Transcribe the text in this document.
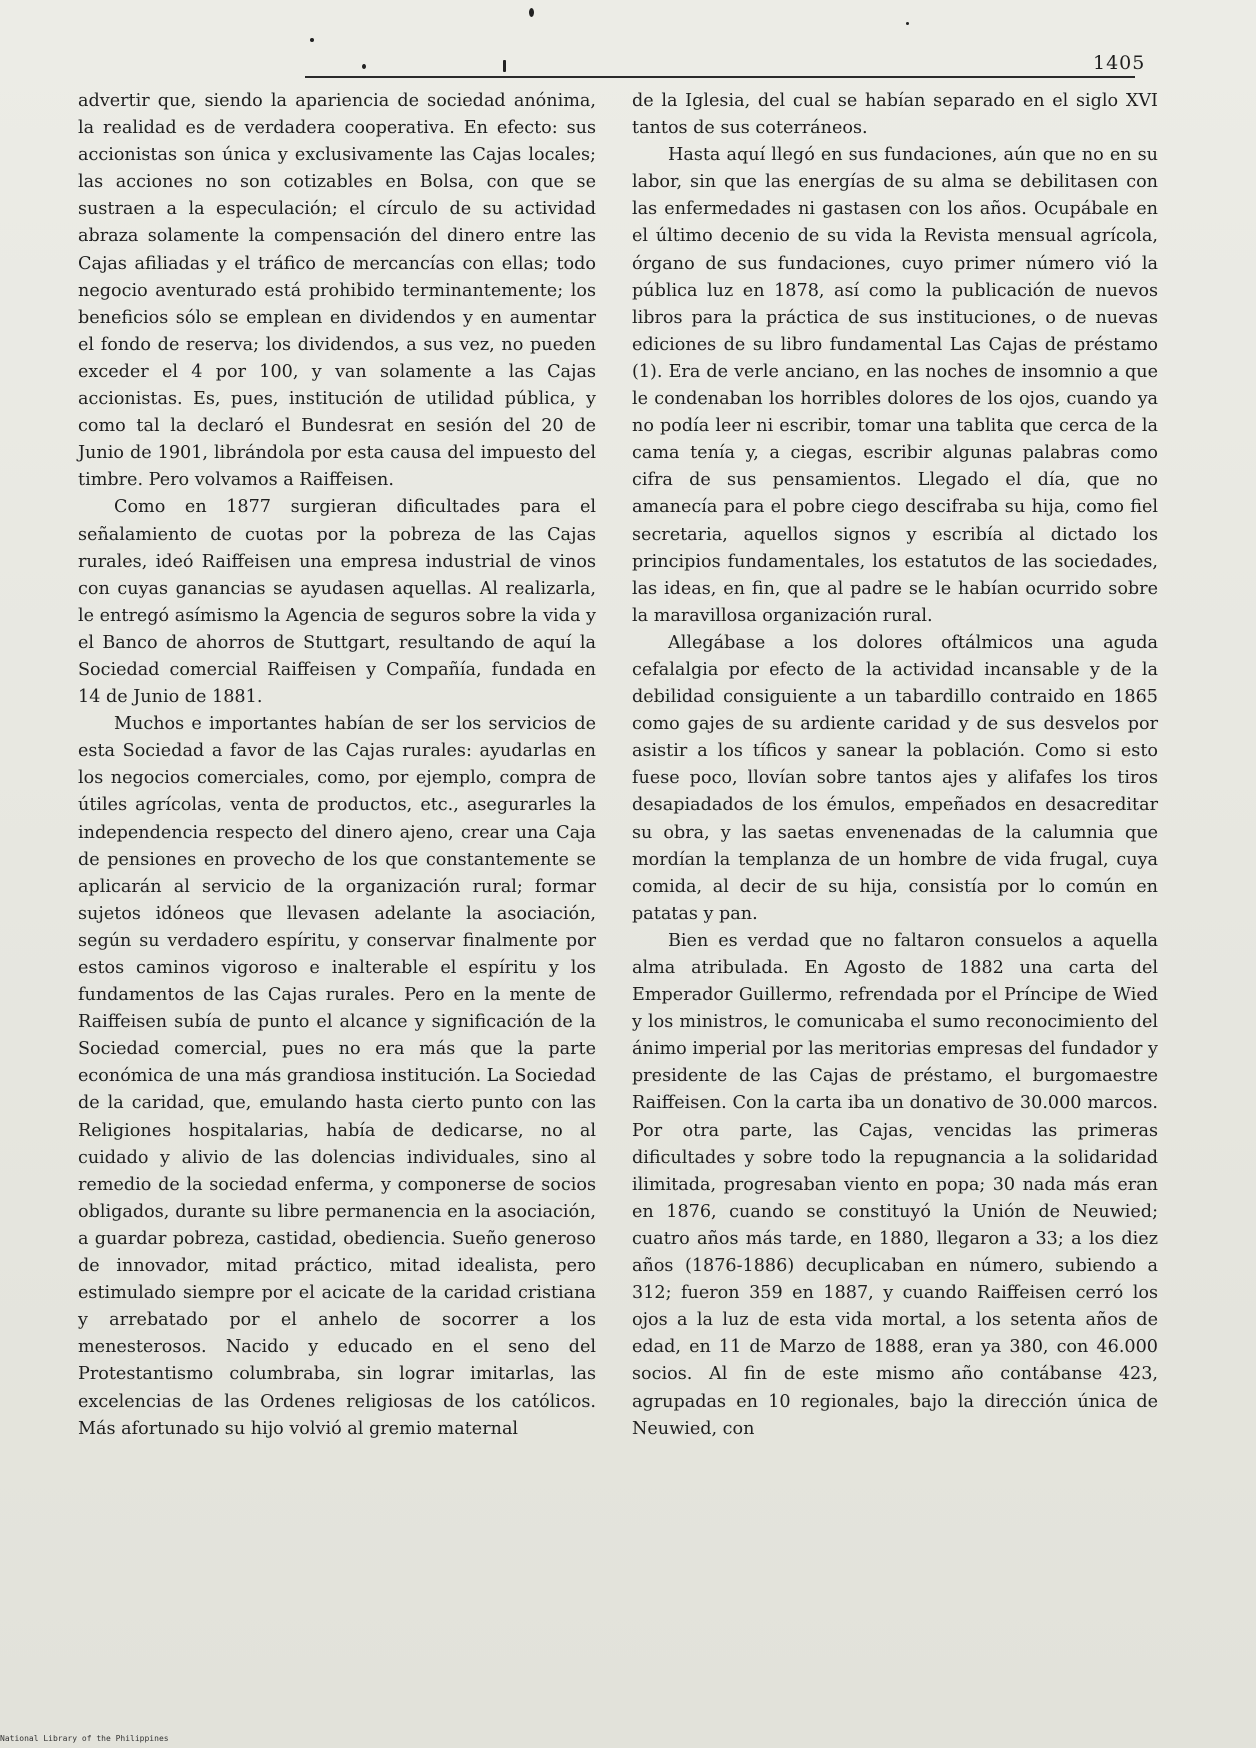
1405

advertir que, siendo la apariencia de sociedad anónima, la realidad es de verdadera cooperativa. En efecto: sus accionistas son única y exclusivamente las Cajas locales; las acciones no son cotizables en Bolsa, con que se sustraen a la especulación; el círculo de su actividad abraza solamente la compensación del dinero entre las Cajas afiliadas y el tráfico de mercancías con ellas; todo negocio aventurado está prohibido terminantemente; los beneficios sólo se emplean en dividendos y en aumentar el fondo de reserva; los dividendos, a sus vez, no pueden exceder el 4 por 100, y van solamente a las Cajas accionistas. Es, pues, institución de utilidad pública, y como tal la declaró el Bundesrat en sesión del 20 de Junio de 1901, librándola por esta causa del impuesto del timbre. Pero volvamos a Raiffeisen.

Como en 1877 surgieran dificultades para el señalamiento de cuotas por la pobreza de las Cajas rurales, ideó Raiffeisen una empresa industrial de vinos con cuyas ganancias se ayudasen aquellas. Al realizarla, le entregó asímismo la Agencia de seguros sobre la vida y el Banco de ahorros de Stuttgart, resultando de aquí la Sociedad comercial Raiffeisen y Compañía, fundada en 14 de Junio de 1881.

Muchos e importantes habían de ser los servicios de esta Sociedad a favor de las Cajas rurales: ayudarlas en los negocios comerciales, como, por ejemplo, compra de útiles agrícolas, venta de productos, etc., asegurarles la independencia respecto del dinero ajeno, crear una Caja de pensiones en provecho de los que constantemente se aplicarán al servicio de la organización rural; formar sujetos idóneos que llevasen adelante la asociación, según su verdadero espíritu, y conservar finalmente por estos caminos vigoroso e inalterable el espíritu y los fundamentos de las Cajas rurales. Pero en la mente de Raiffeisen subía de punto el alcance y significación de la Sociedad comercial, pues no era más que la parte económica de una más grandiosa institución. La Sociedad de la caridad, que, emulando hasta cierto punto con las Religiones hospitalarias, había de dedicarse, no al cuidado y alivio de las dolencias individuales, sino al remedio de la sociedad enferma, y componerse de socios obligados, durante su libre permanencia en la asociación, a guardar pobreza, castidad, obediencia. Sueño generoso de innovador, mitad práctico, mitad idealista, pero estimulado siempre por el acicate de la caridad cristiana y arrebatado por el anhelo de socorrer a los menesterosos. Nacido y educado en el seno del Protestantismo columbraba, sin lograr imitarlas, las excelencias de las Ordenes religiosas de los católicos. Más afortunado su hijo volvió al gremio maternal

de la Iglesia, del cual se habían separado en el siglo XVI tantos de sus coterráneos.

Hasta aquí llegó en sus fundaciones, aún que no en su labor, sin que las energías de su alma se debilitasen con las enfermedades ni gastasen con los años. Ocupábale en el último decenio de su vida la Revista mensual agrícola, órgano de sus fundaciones, cuyo primer número vió la pública luz en 1878, así como la publicación de nuevos libros para la práctica de sus instituciones, o de nuevas ediciones de su libro fundamental Las Cajas de préstamo (1). Era de verle anciano, en las noches de insomnio a que le condenaban los horribles dolores de los ojos, cuando ya no podía leer ni escribir, tomar una tablita que cerca de la cama tenía y, a ciegas, escribir algunas palabras como cifra de sus pensamientos. Llegado el día, que no amanecía para el pobre ciego descifraba su hija, como fiel secretaria, aquellos signos y escribía al dictado los principios fundamentales, los estatutos de las sociedades, las ideas, en fin, que al padre se le habían ocurrido sobre la maravillosa organización rural.

Allegábase a los dolores oftálmicos una aguda cefalalgia por efecto de la actividad incansable y de la debilidad consiguiente a un tabardillo contraido en 1865 como gajes de su ardiente caridad y de sus desvelos por asistir a los tíficos y sanear la población. Como si esto fuese poco, llovían sobre tantos ajes y alifafes los tiros desapiadados de los émulos, empeñados en desacreditar su obra, y las saetas envenenadas de la calumnia que mordían la templanza de un hombre de vida frugal, cuya comida, al decir de su hija, consistía por lo común en patatas y pan.

Bien es verdad que no faltaron consuelos a aquella alma atribulada. En Agosto de 1882 una carta del Emperador Guillermo, refrendada por el Príncipe de Wied y los ministros, le comunicaba el sumo reconocimiento del ánimo imperial por las meritorias empresas del fundador y presidente de las Cajas de préstamo, el burgomaestre Raiffeisen. Con la carta iba un donativo de 30.000 marcos. Por otra parte, las Cajas, vencidas las primeras dificultades y sobre todo la repugnancia a la solidaridad ilimitada, progresaban viento en popa; 30 nada más eran en 1876, cuando se constituyó la Unión de Neuwied; cuatro años más tarde, en 1880, llegaron a 33; a los diez años (1876-1886) decuplicaban en número, subiendo a 312; fueron 359 en 1887, y cuando Raiffeisen cerró los ojos a la luz de esta vida mortal, a los setenta años de edad, en 11 de Marzo de 1888, eran ya 380, con 46.000 socios. Al fin de este mismo año contábanse 423, agrupadas en 10 regionales, bajo la dirección única de Neuwied, con

National Library of the Philippines
